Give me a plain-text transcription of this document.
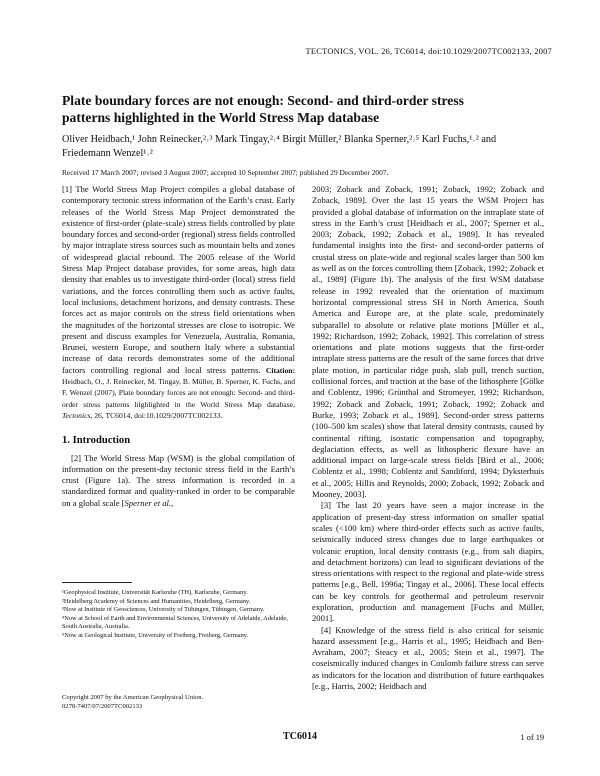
TECTONICS, VOL. 26, TC6014, doi:10.1029/2007TC002133, 2007
Plate boundary forces are not enough: Second- and third-order stress patterns highlighted in the World Stress Map database
Oliver Heidbach,¹ John Reinecker,²˒³ Mark Tingay,²˒⁴ Birgit Müller,² Blanka Sperner,²˒⁵ Karl Fuchs,¹˒² and Friedemann Wenzel¹˒²
Received 17 March 2007; revised 3 August 2007; accepted 10 September 2007; published 29 December 2007.

[1] The World Stress Map Project compiles a global database of contemporary tectonic stress information of the Earth’s crust. Early releases of the World Stress Map Project demonstrated the existence of first-order (plate-scale) stress fields controlled by plate boundary forces and second-order (regional) stress fields controlled by major intraplate stress sources such as mountain belts and zones of widespread glacial rebound. The 2005 release of the World Stress Map Project database provides, for some areas, high data density that enables us to investigate third-order (local) stress field variations, and the forces controlling them such as active faults, local inclusions, detachment horizons, and density contrasts. These forces act as major controls on the stress field orientations when the magnitudes of the horizontal stresses are close to isotropic. We present and discuss examples for Venezuela, Australia, Romania, Brunei, western Europe, and southern Italy where a substantial increase of data records demonstrates some of the additional factors controlling regional and local stress patterns. Citation: Heidbach, O., J. Reinecker, M. Tingay, B. Müller, B. Sperner, K. Fuchs, and F. Wenzel (2007), Plate boundary forces are not enough: Second- and third-order stress patterns highlighted in the World Stress Map database, Tectonics, 26, TC6014, doi:10.1029/2007TC002133.

1. Introduction

[2] The World Stress Map (WSM) is the global compilation of information on the present-day tectonic stress field in the Earth’s crust (Figure 1a). The stress information is recorded in a standardized format and quality-ranked in order to be comparable on a global scale [Sperner et al.,

¹Geophysical Institute, Universität Karlsruhe (TH), Karlsruhe, Germany.
²Heidelberg Academy of Sciences and Humanities, Heidelberg, Germany.
³Now at Institute of Geosciences, University of Tübingen, Tübingen, Germany.
⁴Now at School of Earth and Environmental Sciences, University of Adelaide, Adelaide, South Australia, Australia.
⁵Now at Geological Institute, University of Freiberg, Freiberg, Germany.
Copyright 2007 by the American Geophysical Union.
0278-7407/07/2007TC002133

2003; Zoback and Zoback, 1991; Zoback, 1992; Zoback and Zoback, 1989]. Over the last 15 years the WSM Project has provided a global database of information on the intraplate state of stress in the Earth’s crust [Heidbach et al., 2007; Sperner et al., 2003; Zoback, 1992; Zoback et al., 1989]. It has revealed fundamental insights into the first- and second-order patterns of crustal stress on plate-wide and regional scales larger than 500 km as well as on the forces controlling them [Zoback, 1992; Zoback et al., 1989] (Figure 1b). The analysis of the first WSM database release in 1992 revealed that the orientation of maximum horizontal compressional stress SH in North America, South America and Europe are, at the plate scale, predominately subparallel to absolute or relative plate motions [Müller et al., 1992; Richardson, 1992; Zoback, 1992]. This correlation of stress orientations and plate motions suggests that the first-order intraplate stress patterns are the result of the same forces that drive plate motion, in particular ridge push, slab pull, trench suction, collisional forces, and traction at the base of the lithosphere [Gölke and Coblentz, 1996; Grünthal and Stromeyer, 1992; Richardson, 1992; Zoback and Zoback, 1991; Zoback, 1992; Zoback and Burke, 1993; Zoback et al., 1989]. Second-order stress patterns (100–500 km scales) show that lateral density contrasts, caused by continental rifting, isostatic compensation and topography, deglaciation effects, as well as lithospheric flexure have an additional impact on large-scale stress fields [Bird et al., 2006; Coblentz et al., 1998; Coblentz and Sandiford, 1994; Dyksterhuis et al., 2005; Hillis and Reynolds, 2000; Zoback, 1992; Zoback and Mooney, 2003].

[3] The last 20 years have seen a major increase in the application of present-day stress information on smaller spatial scales (<100 km) where third-order effects such as active faults, seismically induced stress changes due to large earthquakes or volcanic eruption, local density contrasts (e.g., from salt diapirs, and detachment horizons) can lead to significant deviations of the stress orientations with respect to the regional and plate-wide stress patterns [e.g., Bell, 1996a; Tingay et al., 2006]. These local effects can be key controls for geothermal and petroleum reservoir exploration, production and management [Fuchs and Müller, 2001].

[4] Knowledge of the stress field is also critical for seismic hazard assessment [e.g., Harris et al., 1995; Heidbach and Ben-Avraham, 2007; Steacy et al., 2005; Stein et al., 1997]. The coseismically induced changes in Coulomb failure stress can serve as indicators for the location and distribution of future earthquakes [e.g., Harris, 2002; Heidbach and

TC6014	1 of 19
